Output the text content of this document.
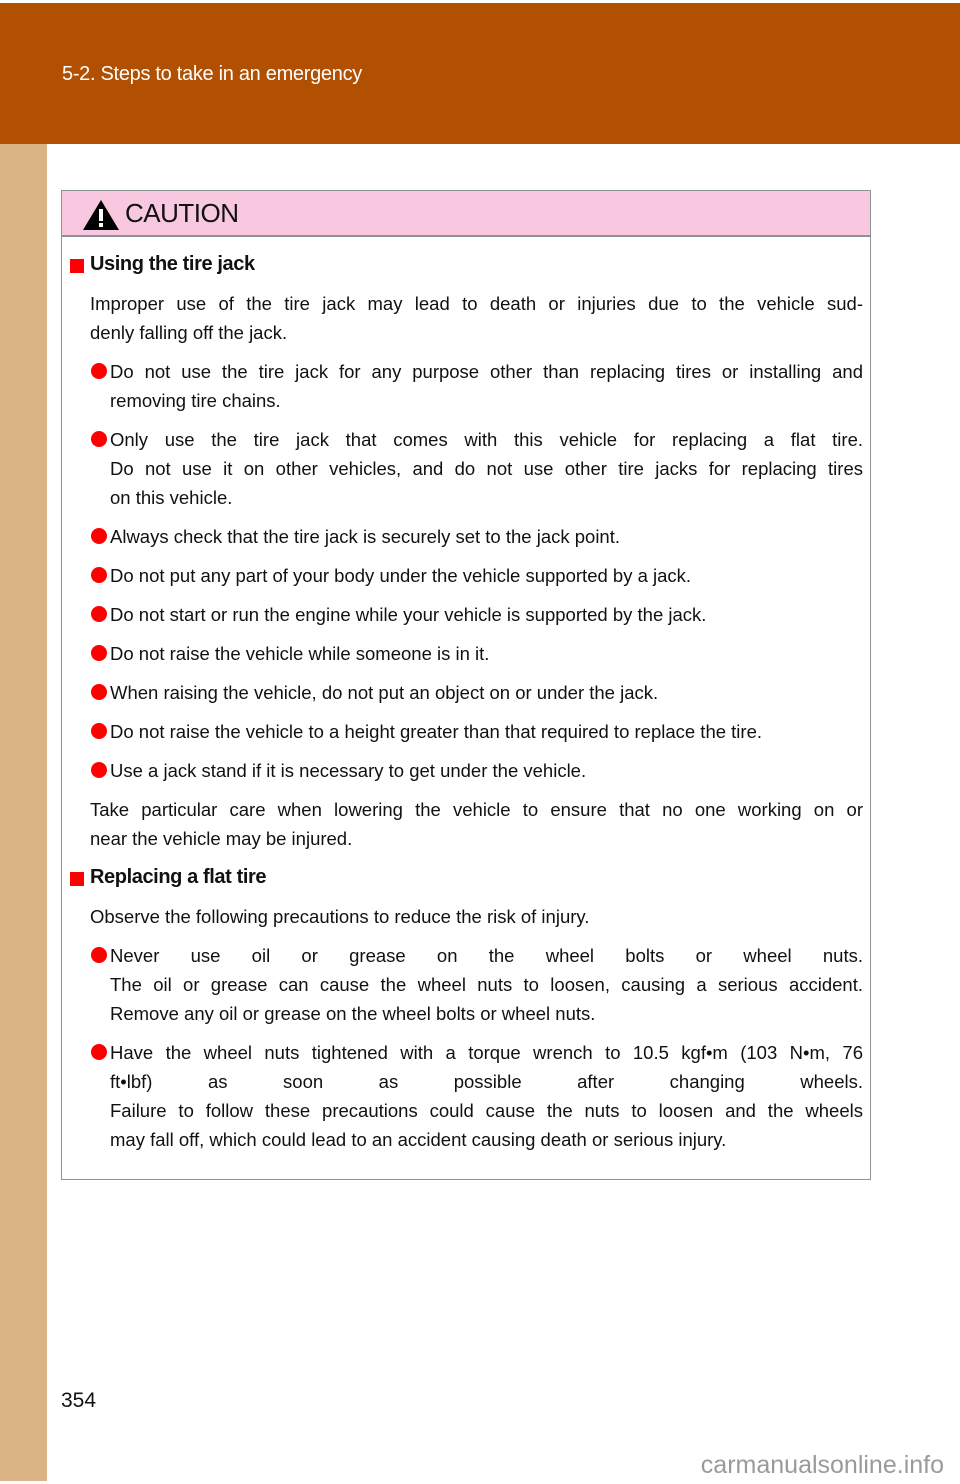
5-2. Steps to take in an emergency
CAUTION
Using the tire jack
Improper use of the tire jack may lead to death or injuries due to the vehicle sud-
denly falling off the jack.
Do not use the tire jack for any purpose other than replacing tires or installing and
removing tire chains.
Only use the tire jack that comes with this vehicle for replacing a flat tire.
Do not use it on other vehicles, and do not use other tire jacks for replacing tires
on this vehicle.
Always check that the tire jack is securely set to the jack point.
Do not put any part of your body under the vehicle supported by a jack.
Do not start or run the engine while your vehicle is supported by the jack.
Do not raise the vehicle while someone is in it.
When raising the vehicle, do not put an object on or under the jack.
Do not raise the vehicle to a height greater than that required to replace the tire.
Use a jack stand if it is necessary to get under the vehicle.
Take particular care when lowering the vehicle to ensure that no one working on or
near the vehicle may be injured.
Replacing a flat tire
Observe the following precautions to reduce the risk of injury.
Never use oil or grease on the wheel bolts or wheel nuts.
The oil or grease can cause the wheel nuts to loosen, causing a serious accident.
Remove any oil or grease on the wheel bolts or wheel nuts.
Have the wheel nuts tightened with a torque wrench to 10.5 kgf•m (103 N•m, 76
ft•lbf) as soon as possible after changing wheels.
Failure to follow these precautions could cause the nuts to loosen and the wheels
may fall off, which could lead to an accident causing death or serious injury.
354
carmanualsonline.info
